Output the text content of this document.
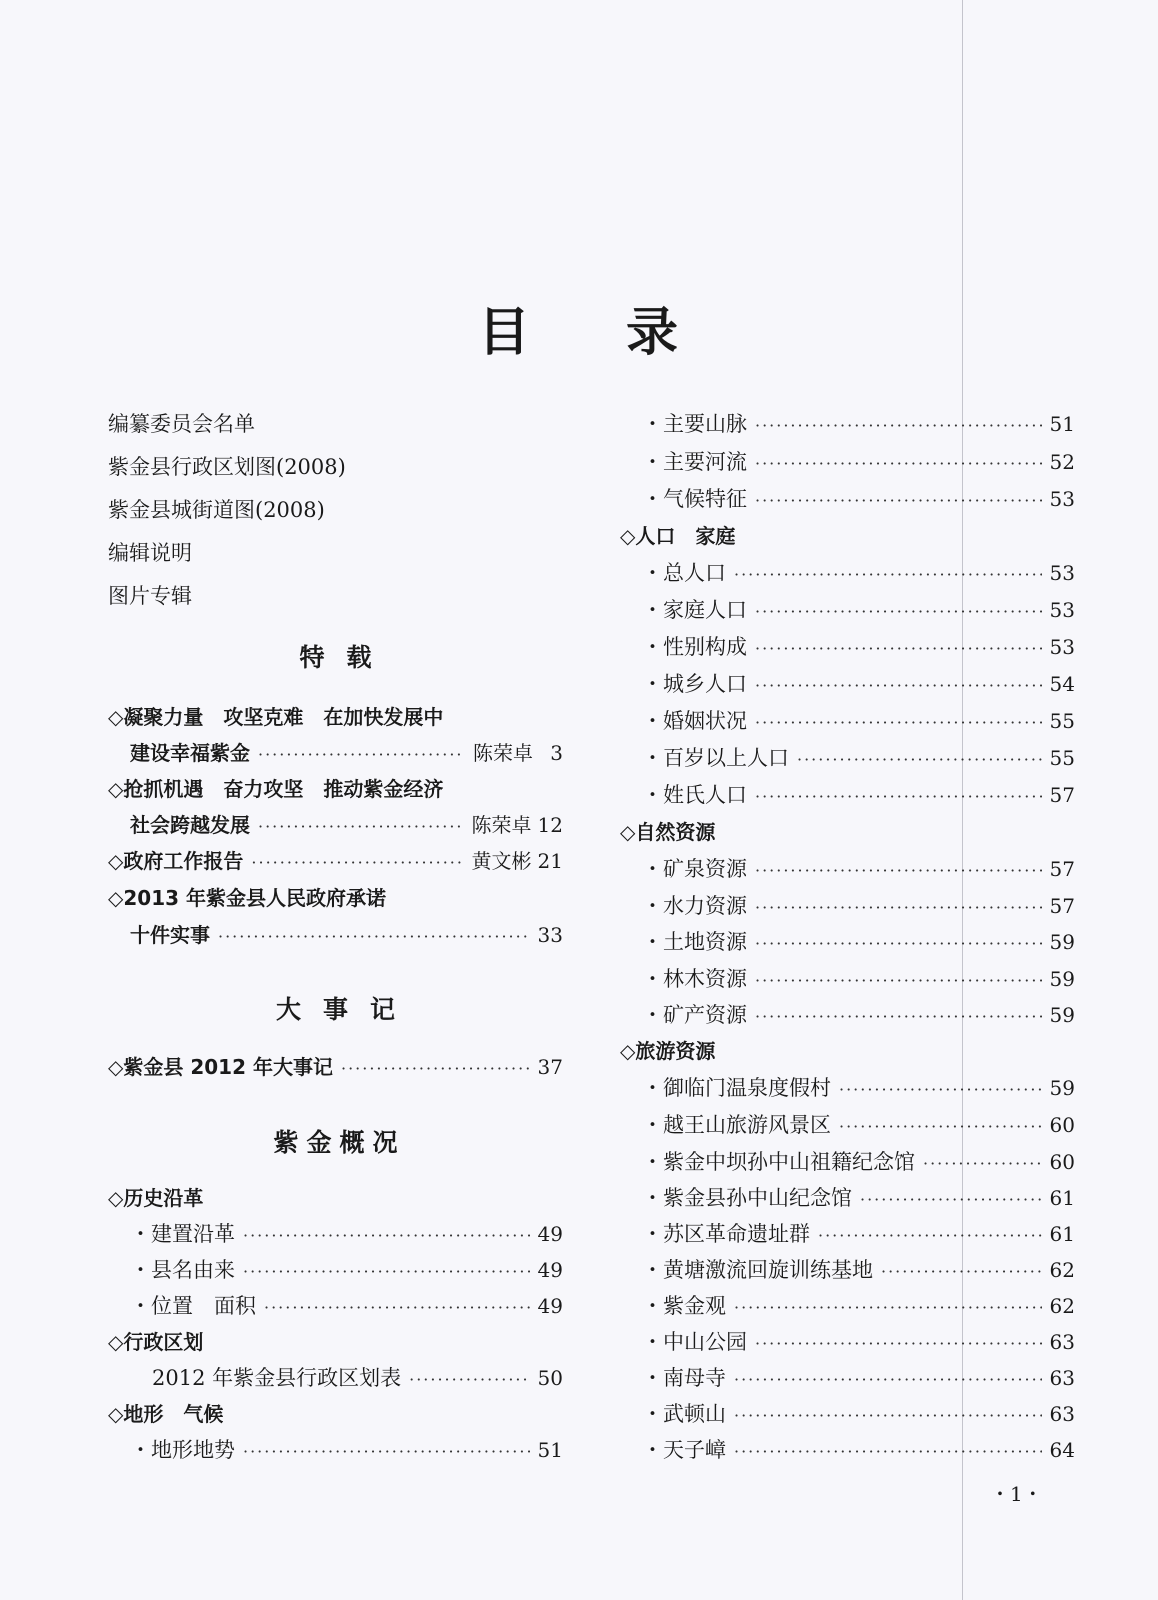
目 录
编纂委员会名单
紫金县行政区划图(2008)
紫金县城街道图(2008)
编辑说明
图片专辑
特载
◇凝聚力量　攻坚克难　在加快发展中
建设幸福紫金 ·····	陈荣卓 3
◇抢抓机遇　奋力攻坚　推动紫金经济
社会跨越发展 ·····	陈荣卓 12
◇政府工作报告 ·····	黄文彬 21
◇2013 年紫金县人民政府承诺
十件实事 ·····	33
大事记
◇紫金县 2012 年大事记 ·····	37
紫金概况
◇历史沿革
・建置沿革 ·····	49
・县名由来 ·····	49
・位置　面积 ·····	49
◇行政区划
2012 年紫金县行政区划表 ·····	50
◇地形　气候
・地形地势 ·····	51
・主要山脉 ·····	51
・主要河流 ·····	52
・气候特征 ·····	53
◇人口　家庭
・总人口 ·····	53
・家庭人口 ·····	53
・性别构成 ·····	53
・城乡人口 ·····	54
・婚姻状况 ·····	55
・百岁以上人口 ·····	55
・姓氏人口 ·····	57
◇自然资源
・矿泉资源 ·····	57
・水力资源 ·····	57
・土地资源 ·····	59
・林木资源 ·····	59
・矿产资源 ·····	59
◇旅游资源
・御临门温泉度假村 ·····	59
・越王山旅游风景区 ·····	60
・紫金中坝孙中山祖籍纪念馆 ·····	60
・紫金县孙中山纪念馆 ·····	61
・苏区革命遗址群 ·····	61
・黄塘激流回旋训练基地 ·····	62
・紫金观 ·····	62
・中山公园 ·····	63
・南母寺 ·····	63
・武顿山 ·····	63
・天子嶂 ·····	64
・1・
